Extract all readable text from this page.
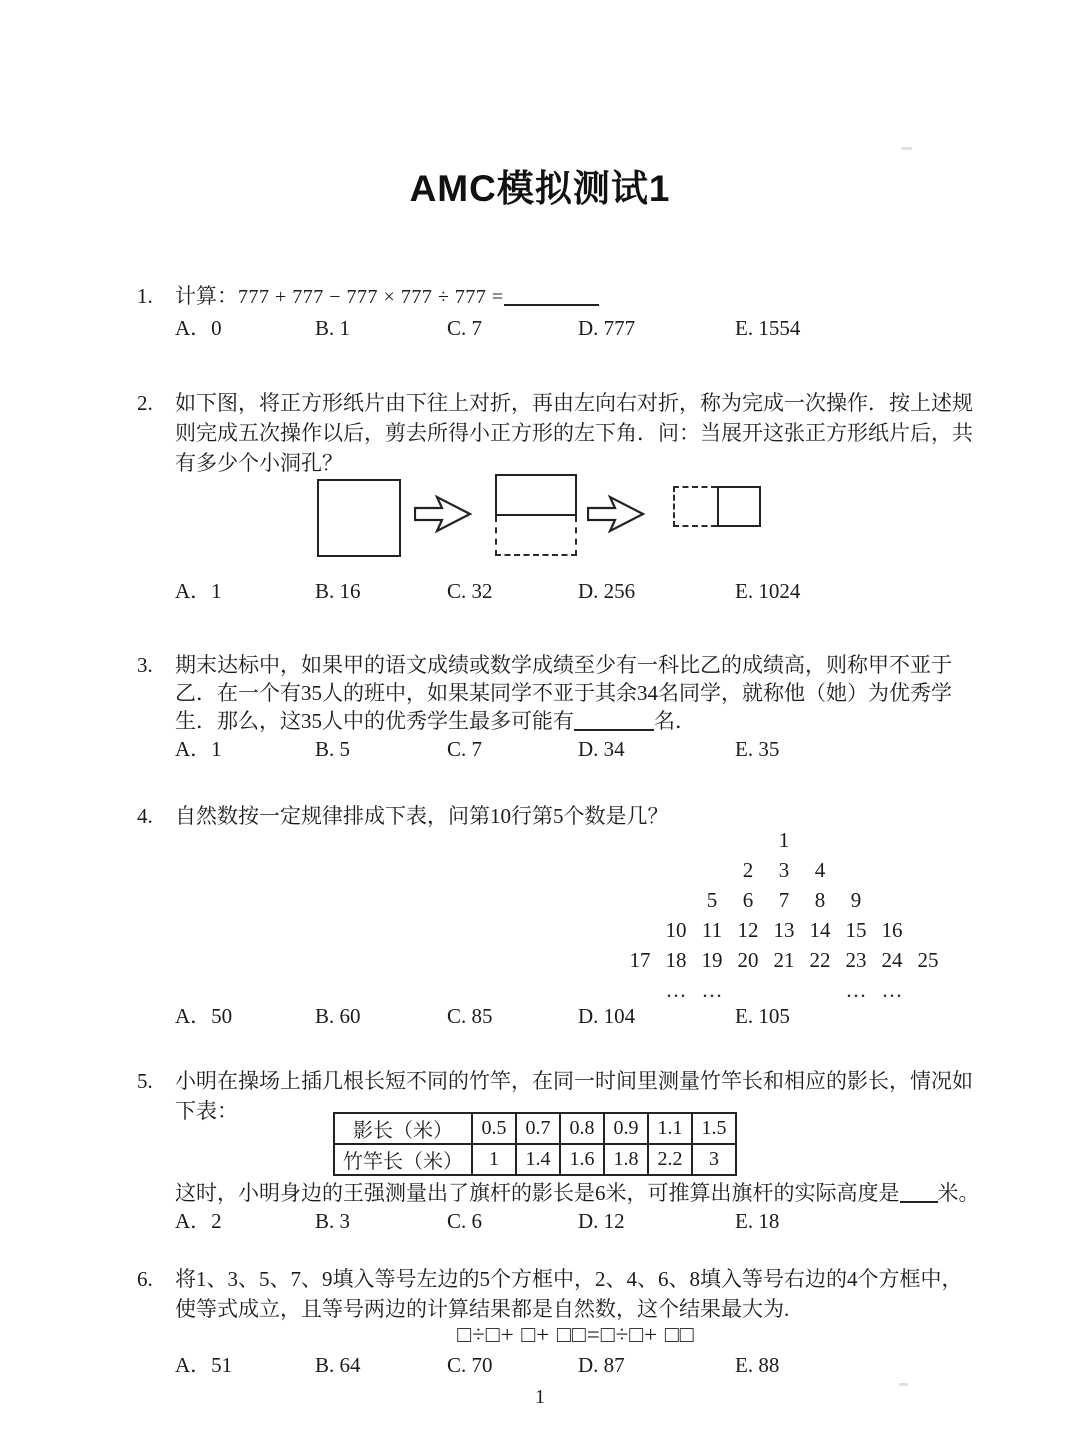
AMC模拟测试1
1. 计算：777 + 777 − 777 × 777 ÷ 777 =
A．0	B. 1	C. 7	D. 777	E. 1554
2. 如下图，将正方形纸片由下往上对折，再由左向右对折，称为完成一次操作．按上述规
则完成五次操作以后，剪去所得小正方形的左下角．问：当展开这张正方形纸片后，共
有多少个小洞孔？
A．1	B. 16	C. 32	D. 256	E. 1024
3. 期末达标中，如果甲的语文成绩或数学成绩至少有一科比乙的成绩高，则称甲不亚于
乙．在一个有35人的班中，如果某同学不亚于其余34名同学，就称他（她）为优秀学
生．那么，这35人中的优秀学生最多可能有	名．
A．1	B. 5	C. 7	D. 34	E. 35
4. 自然数按一定规律排成下表，问第10行第5个数是几？
1
2	3	4
5	6	7	8	9
10 11 12 13 14 15 16
17 18 19 20 21 22 23 24 25
… …	… …
A．50	B. 60	C. 85	D. 104	E. 105
5. 小明在操场上插几根长短不同的竹竿，在同一时间里测量竹竿长和相应的影长，情况如
下表：
影长（米）	0.5	0.7	0.8	0.9	1.1	1.5
竹竿长（米）	1	1.4	1.6	1.8	2.2	3
这时，小明身边的王强测量出了旗杆的影长是6米，可推算出旗杆的实际高度是 米。
A．2	B. 3	C. 6	D. 12	E. 18
6. 将1、3、5、7、9填入等号左边的5个方框中，2、4、6、8填入等号右边的4个方框中，
使等式成立，且等号两边的计算结果都是自然数，这个结果最大为.
□÷□+ □+ □□=□÷□+ □□
A．51	B. 64	C. 70	D. 87	E. 88
1
